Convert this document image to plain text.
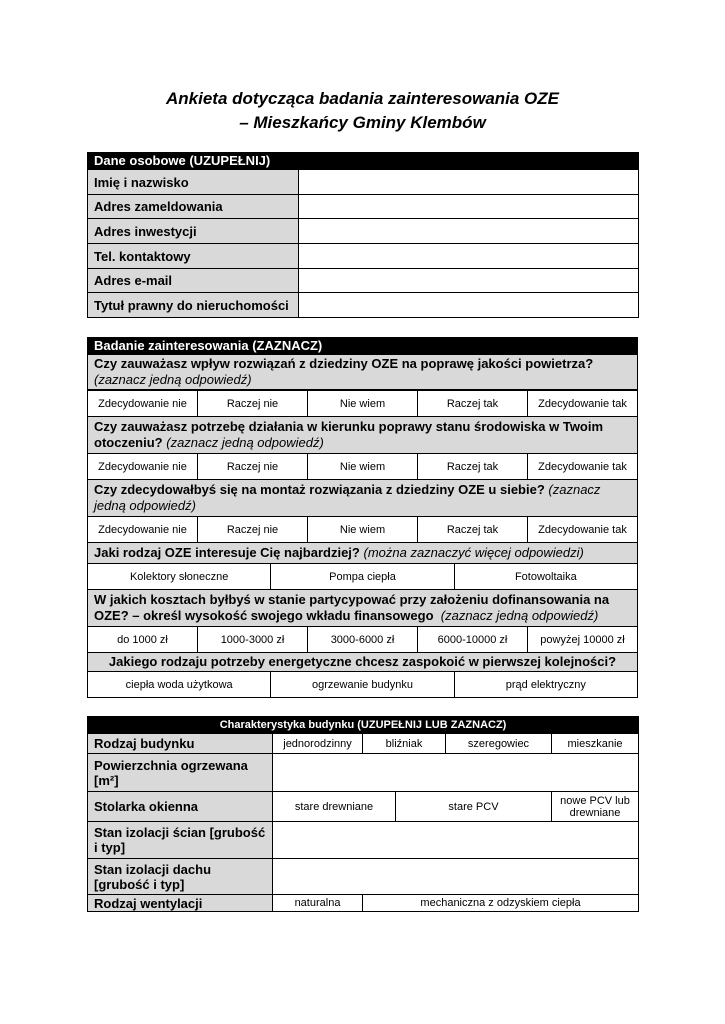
Ankieta dotycząca badania zainteresowania OZE
– Mieszkańcy Gminy Klembów
Dane osobowe (UZUPEŁNIJ)	
Imię i nazwisko	
Adres zameldowania	
Adres inwestycji	
Tel. kontaktowy	
Adres e-mail	
Tytuł prawny do nieruchomości	
Badanie zainteresowania (ZAZNACZ)
Czy zauważasz wpływ rozwiązań z dziedziny OZE na poprawę jakości powietrza? (zaznacz jedną odpowiedź)
Zdecydowanie nie	Raczej nie	Nie wiem	Raczej tak	Zdecydowanie tak
Czy zauważasz potrzebę działania w kierunku poprawy stanu środowiska w Twoim otoczeniu? (zaznacz jedną odpowiedź)
Zdecydowanie nie	Raczej nie	Nie wiem	Raczej tak	Zdecydowanie tak
Czy zdecydowałbyś się na montaż rozwiązania z dziedziny OZE u siebie? (zaznacz jedną odpowiedź)
Zdecydowanie nie	Raczej nie	Nie wiem	Raczej tak	Zdecydowanie tak
Jaki rodzaj OZE interesuje Cię najbardziej? (można zaznaczyć więcej odpowiedzi)
Kolektory słoneczne	Pompa ciepła	Fotowoltaika
W jakich kosztach byłbyś w stanie partycypować przy założeniu dofinansowania na OZE? – określ wysokość swojego wkładu finansowego (zaznacz jedną odpowiedź)
do 1000 zł	1000-3000 zł	3000-6000 zł	6000-10000 zł	powyżej 10000 zł
Jakiego rodzaju potrzeby energetyczne chcesz zaspokoić w pierwszej kolejności?
ciepła woda użytkowa	ogrzewanie budynku	prąd elektryczny
Charakterystyka budynku (UZUPEŁNIJ LUB ZAZNACZ)					
Rodzaj budynku	jednorodzinny	bliźniak		szeregowiec	mieszkanie
Powierzchnia ogrzewana [m²]					
Stolarka okienna	stare drewniane		stare PCV		nowe PCV lub drewniane
Stan izolacji ścian [grubość i typ]					
Stan izolacji dachu [grubość i typ]					
Rodzaj wentylacji	naturalna	mechaniczna z odzyskiem ciepła			
